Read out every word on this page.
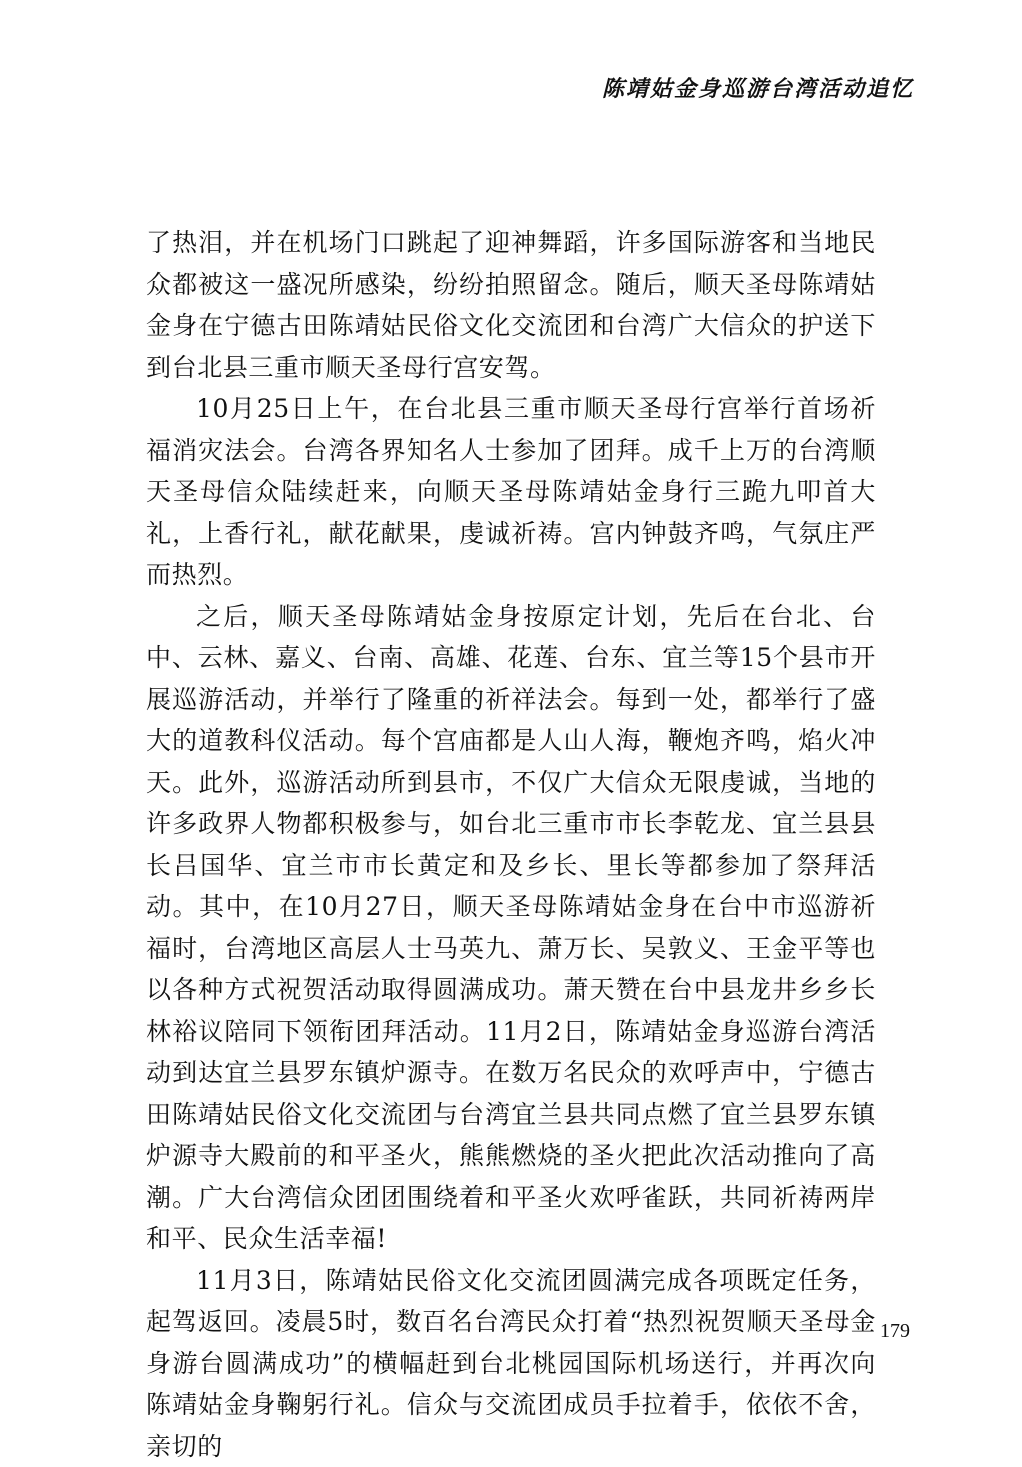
陈靖姑金身巡游台湾活动追忆

了热泪，并在机场门口跳起了迎神舞蹈，许多国际游客和当地民众都被这一盛况所感染，纷纷拍照留念。随后，顺天圣母陈靖姑金身在宁德古田陈靖姑民俗文化交流团和台湾广大信众的护送下到台北县三重市顺天圣母行宫安驾。

10月25日上午，在台北县三重市顺天圣母行宫举行首场祈福消灾法会。台湾各界知名人士参加了团拜。成千上万的台湾顺天圣母信众陆续赶来，向顺天圣母陈靖姑金身行三跪九叩首大礼，上香行礼，献花献果，虔诚祈祷。宫内钟鼓齐鸣，气氛庄严而热烈。

之后，顺天圣母陈靖姑金身按原定计划，先后在台北、台中、云林、嘉义、台南、高雄、花莲、台东、宜兰等15个县市开展巡游活动，并举行了隆重的祈祥法会。每到一处，都举行了盛大的道教科仪活动。每个宫庙都是人山人海，鞭炮齐鸣，焰火冲天。此外，巡游活动所到县市，不仅广大信众无限虔诚，当地的许多政界人物都积极参与，如台北三重市市长李乾龙、宜兰县县长吕国华、宜兰市市长黄定和及乡长、里长等都参加了祭拜活动。其中，在10月27日，顺天圣母陈靖姑金身在台中市巡游祈福时，台湾地区高层人士马英九、萧万长、吴敦义、王金平等也以各种方式祝贺活动取得圆满成功。萧天赞在台中县龙井乡乡长林裕议陪同下领衔团拜活动。11月2日，陈靖姑金身巡游台湾活动到达宜兰县罗东镇炉源寺。在数万名民众的欢呼声中，宁德古田陈靖姑民俗文化交流团与台湾宜兰县共同点燃了宜兰县罗东镇炉源寺大殿前的和平圣火，熊熊燃烧的圣火把此次活动推向了高潮。广大台湾信众团团围绕着和平圣火欢呼雀跃，共同祈祷两岸和平、民众生活幸福!

11月3日，陈靖姑民俗文化交流团圆满完成各项既定任务，起驾返回。凌晨5时，数百名台湾民众打着“热烈祝贺顺天圣母金身游台圆满成功”的横幅赶到台北桃园国际机场送行，并再次向陈靖姑金身鞠躬行礼。信众与交流团成员手拉着手，依依不舍，亲切的

179
